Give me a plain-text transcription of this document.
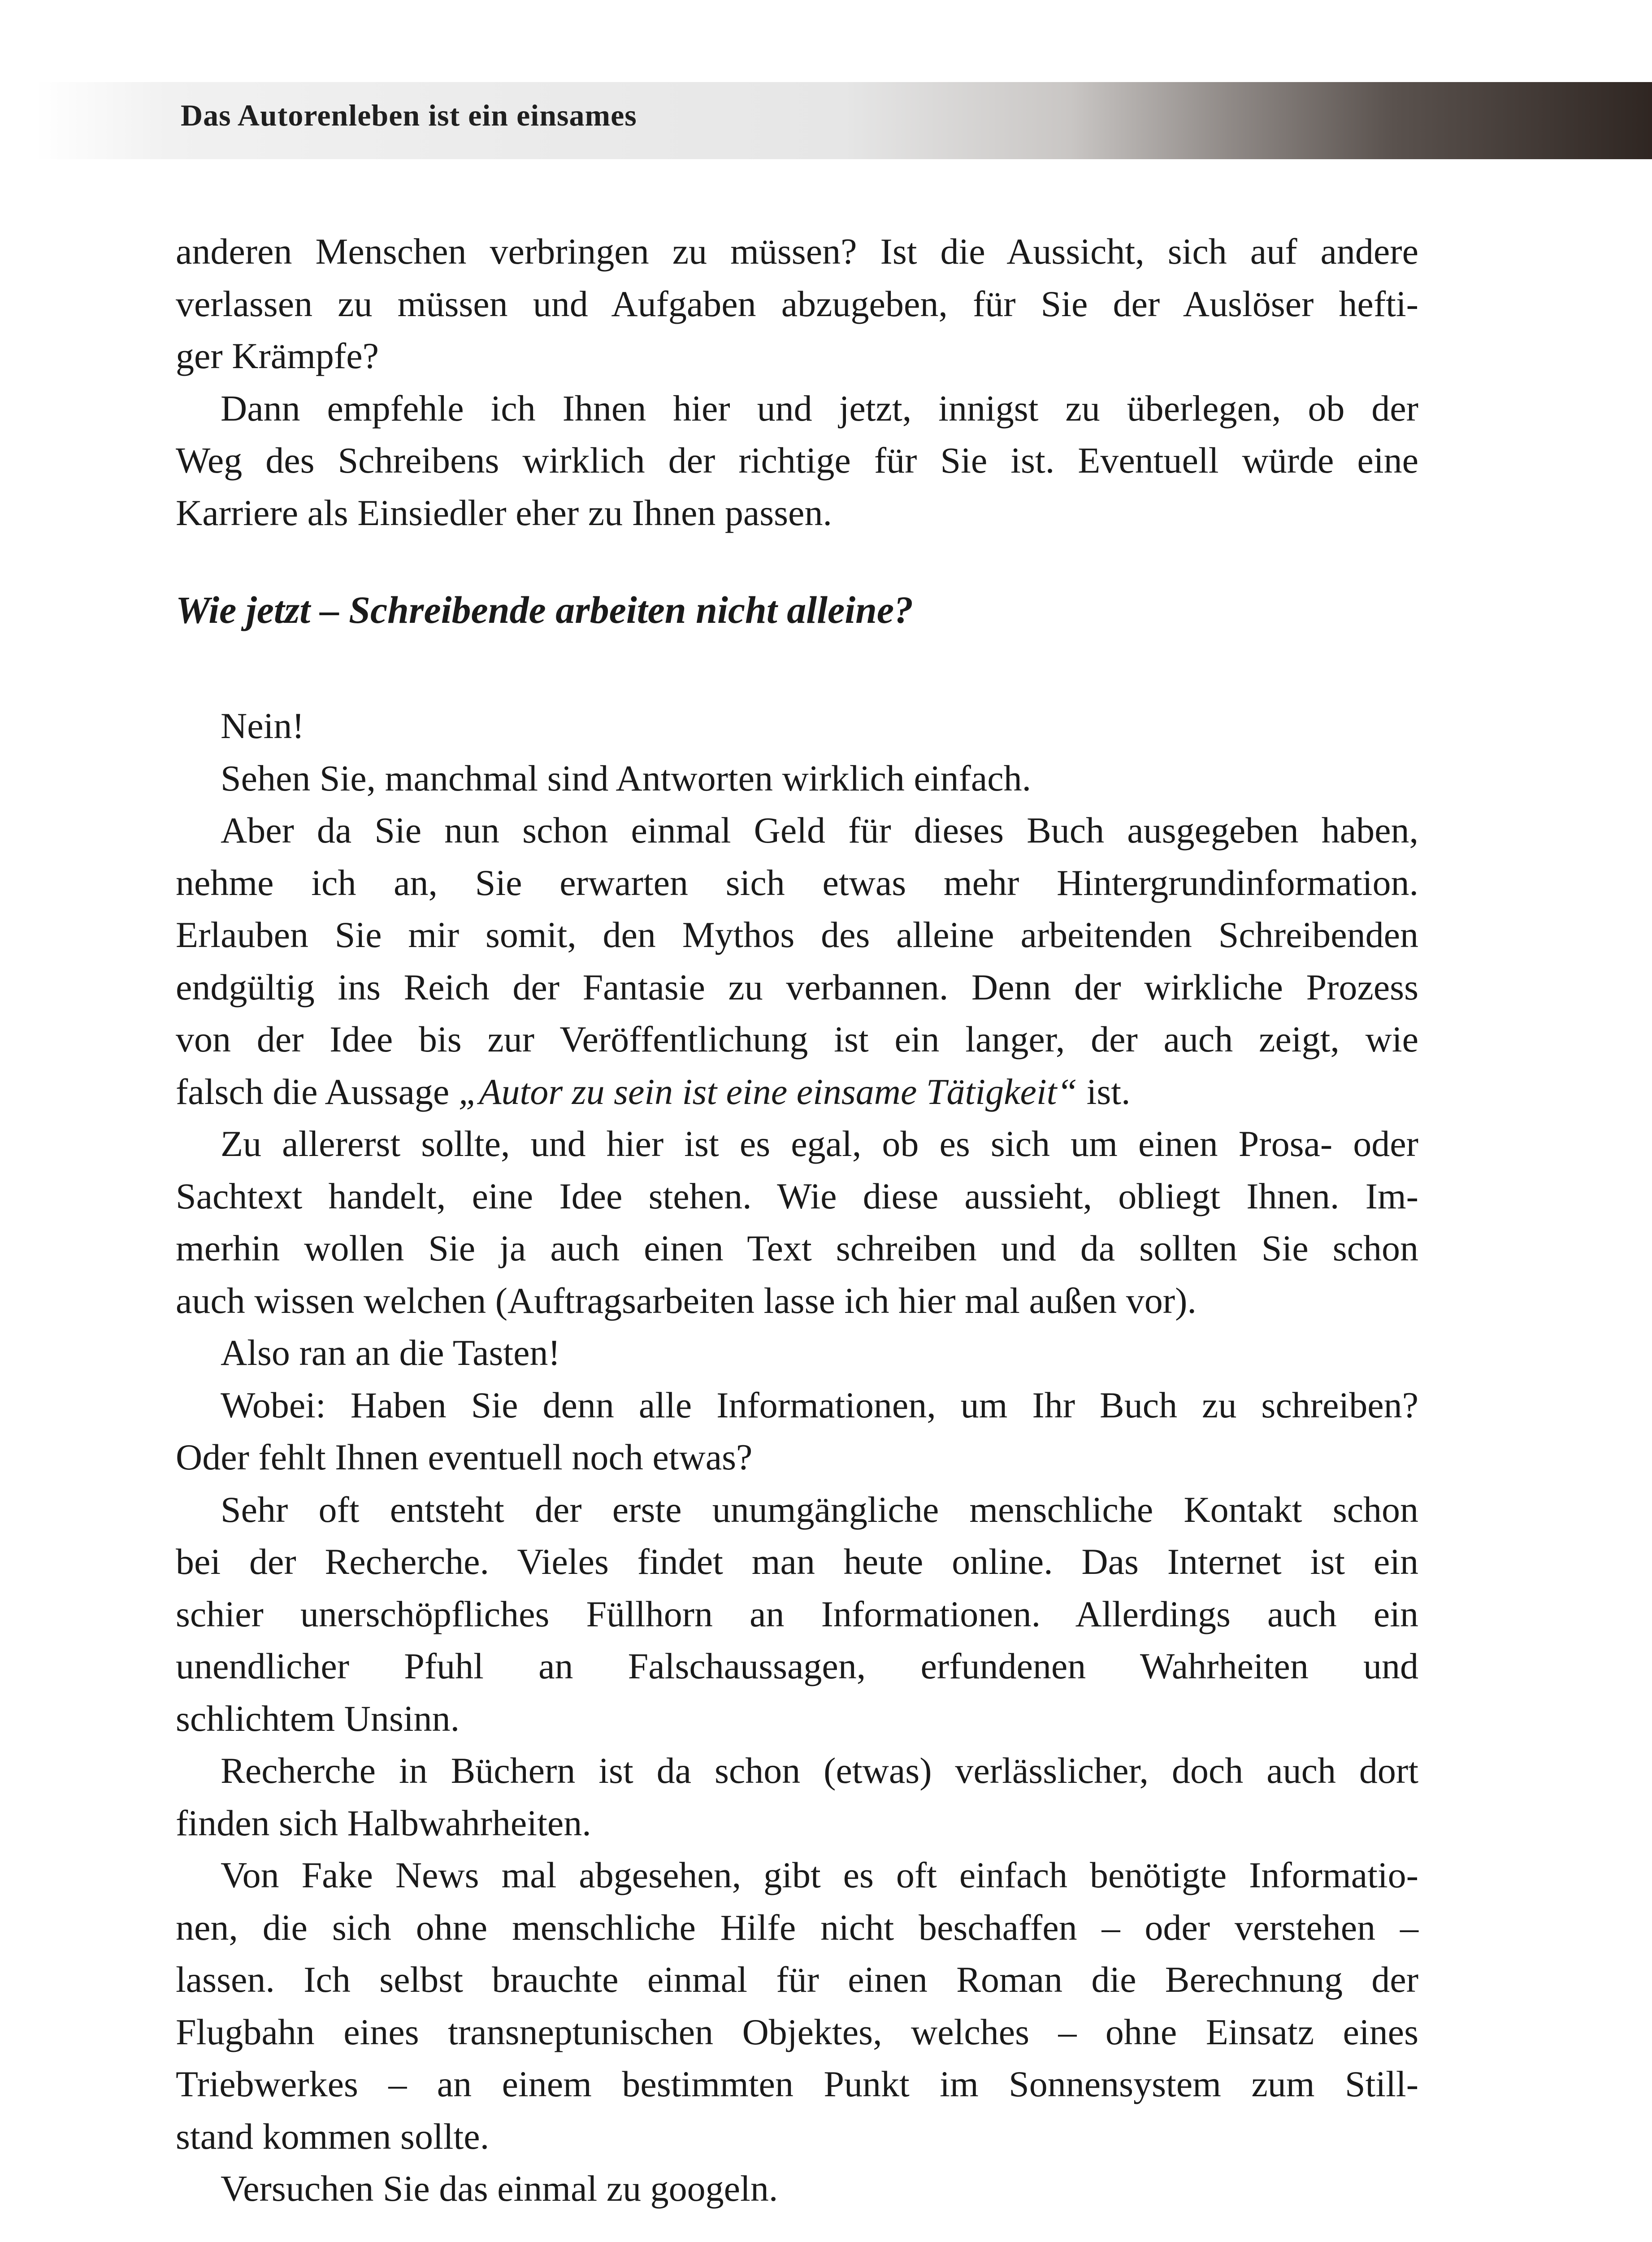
Das Autorenleben ist ein einsames
anderen Menschen verbringen zu müssen? Ist die Aussicht, sich auf andere
verlassen zu müssen und Aufgaben abzugeben, für Sie der Auslöser hefti-
ger Krämpfe?
Dann empfehle ich Ihnen hier und jetzt, innigst zu überlegen, ob der
Weg des Schreibens wirklich der richtige für Sie ist. Eventuell würde eine
Karriere als Einsiedler eher zu Ihnen passen.
Wie jetzt – Schreibende arbeiten nicht alleine?
Nein!
Sehen Sie, manchmal sind Antworten wirklich einfach.
Aber da Sie nun schon einmal Geld für dieses Buch ausgegeben haben,
nehme ich an, Sie erwarten sich etwas mehr Hintergrundinformation.
Erlauben Sie mir somit, den Mythos des alleine arbeitenden Schreibenden
endgültig ins Reich der Fantasie zu verbannen. Denn der wirkliche Prozess
von der Idee bis zur Veröffentlichung ist ein langer, der auch zeigt, wie
falsch die Aussage „Autor zu sein ist eine einsame Tätigkeit“ ist.
Zu allererst sollte, und hier ist es egal, ob es sich um einen Prosa- oder
Sachtext handelt, eine Idee stehen. Wie diese aussieht, obliegt Ihnen. Im-
merhin wollen Sie ja auch einen Text schreiben und da sollten Sie schon
auch wissen welchen (Auftragsarbeiten lasse ich hier mal außen vor).
Also ran an die Tasten!
Wobei: Haben Sie denn alle Informationen, um Ihr Buch zu schreiben?
Oder fehlt Ihnen eventuell noch etwas?
Sehr oft entsteht der erste unumgängliche menschliche Kontakt schon
bei der Recherche. Vieles findet man heute online. Das Internet ist ein
schier unerschöpfliches Füllhorn an Informationen. Allerdings auch ein
unendlicher Pfuhl an Falschaussagen, erfundenen Wahrheiten und
schlichtem Unsinn.
Recherche in Büchern ist da schon (etwas) verlässlicher, doch auch dort
finden sich Halbwahrheiten.
Von Fake News mal abgesehen, gibt es oft einfach benötigte Informatio-
nen, die sich ohne menschliche Hilfe nicht beschaffen – oder verstehen –
lassen. Ich selbst brauchte einmal für einen Roman die Berechnung der
Flugbahn eines transneptunischen Objektes, welches – ohne Einsatz eines
Triebwerkes – an einem bestimmten Punkt im Sonnensystem zum Still-
stand kommen sollte.
Versuchen Sie das einmal zu googeln.
